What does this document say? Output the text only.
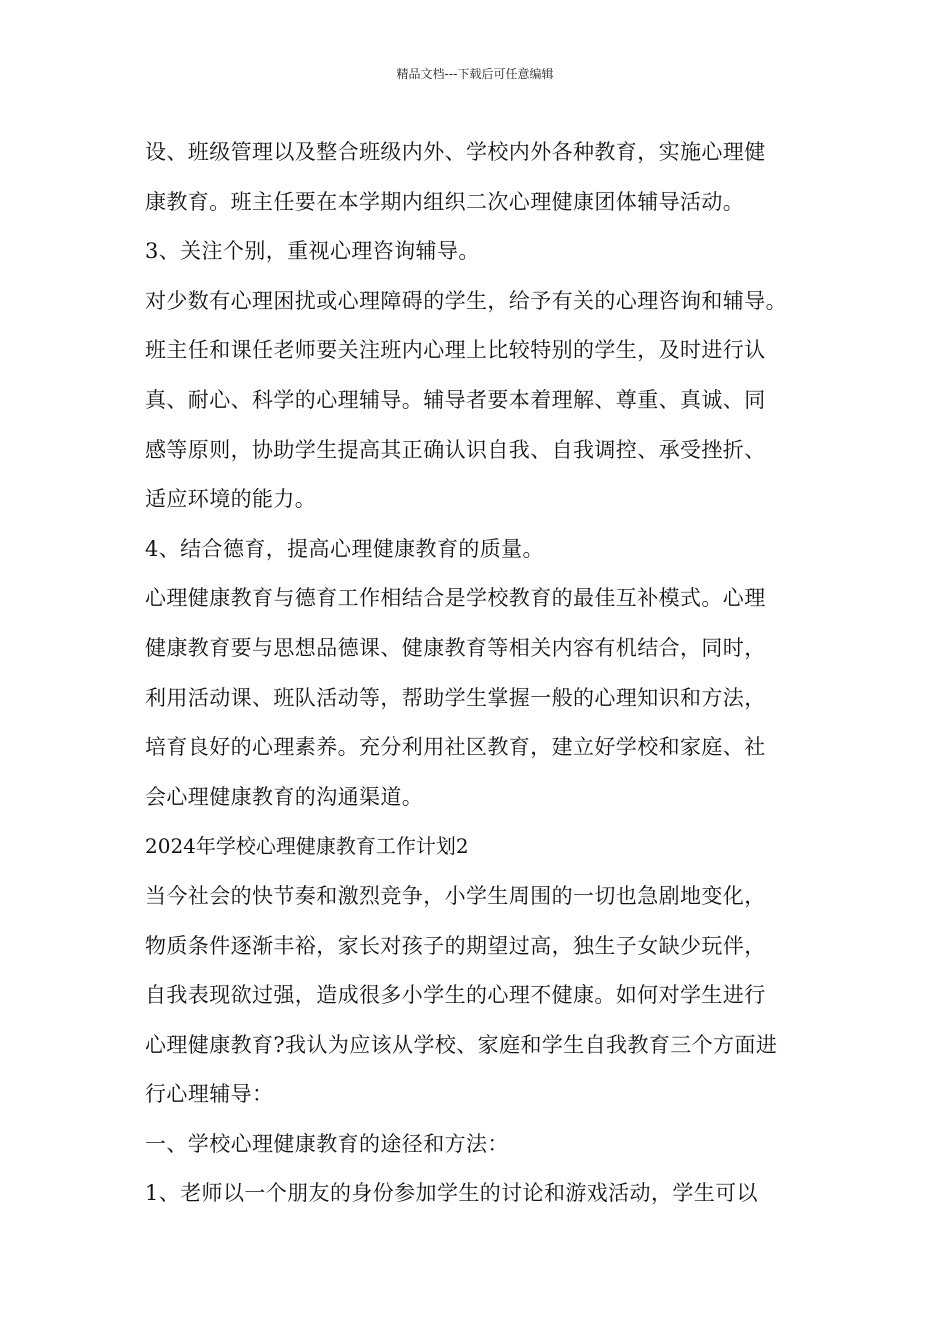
精品文档---下载后可任意编辑
设、班级管理以及整合班级内外、学校内外各种教育，实施心理健
康教育。班主任要在本学期内组织二次心理健康团体辅导活动。
3、关注个别，重视心理咨询辅导。
对少数有心理困扰或心理障碍的学生，给予有关的心理咨询和辅导。
班主任和课任老师要关注班内心理上比较特别的学生，及时进行认
真、耐心、科学的心理辅导。辅导者要本着理解、尊重、真诚、同
感等原则，协助学生提高其正确认识自我、自我调控、承受挫折、
适应环境的能力。
4、结合德育，提高心理健康教育的质量。
心理健康教育与德育工作相结合是学校教育的最佳互补模式。心理
健康教育要与思想品德课、健康教育等相关内容有机结合，同时，
利用活动课、班队活动等，帮助学生掌握一般的心理知识和方法，
培育良好的心理素养。充分利用社区教育，建立好学校和家庭、社
会心理健康教育的沟通渠道。
2024年学校心理健康教育工作计划2
当今社会的快节奏和激烈竞争，小学生周围的一切也急剧地变化，
物质条件逐渐丰裕，家长对孩子的期望过高，独生子女缺少玩伴，
自我表现欲过强，造成很多小学生的心理不健康。如何对学生进行
心理健康教育?我认为应该从学校、家庭和学生自我教育三个方面进
行心理辅导：
一、学校心理健康教育的途径和方法：
1、老师以一个朋友的身份参加学生的讨论和游戏活动，学生可以
